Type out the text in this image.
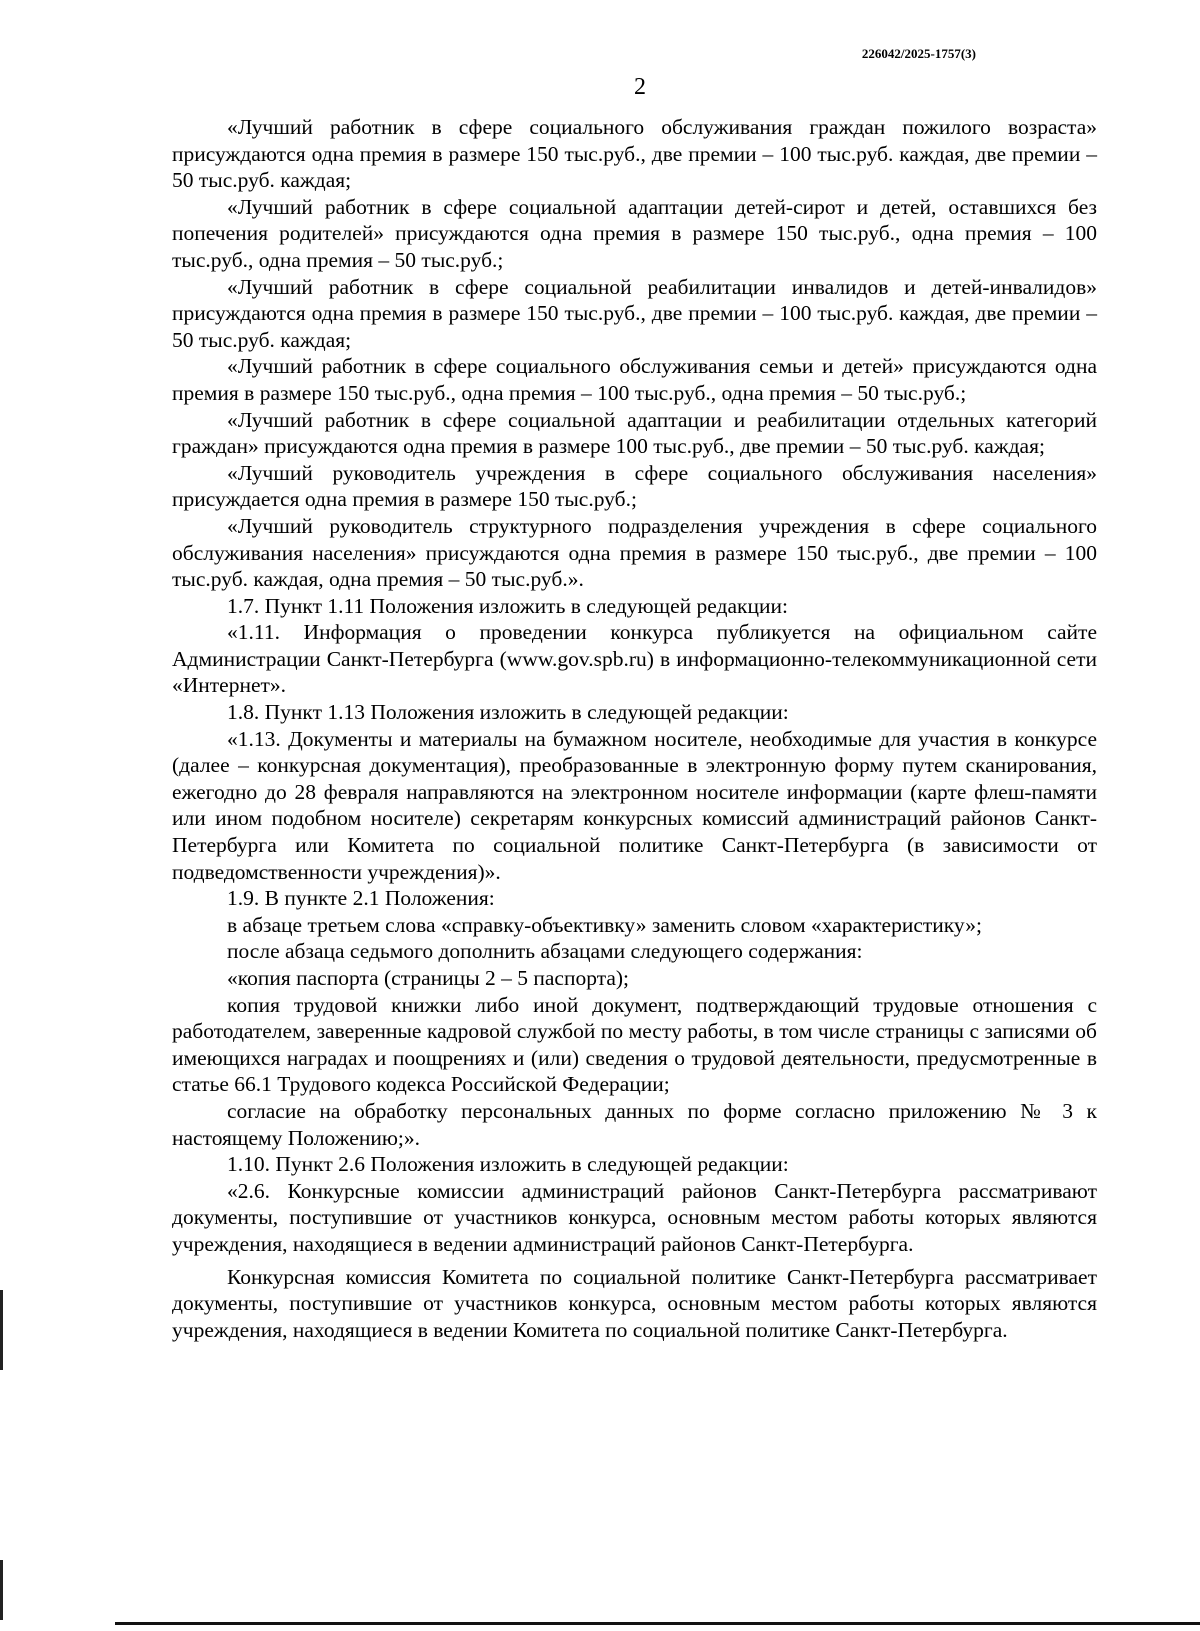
226042/2025-1757(3)
2

«Лучший работник в сфере социального обслуживания граждан пожилого возраста» присуждаются одна премия в размере 150 тыс.руб., две премии – 100 тыс.руб. каждая, две премии – 50 тыс.руб. каждая;

«Лучший работник в сфере социальной адаптации детей-сирот и детей, оставшихся без попечения родителей» присуждаются одна премия в размере 150 тыс.руб., одна премия – 100 тыс.руб., одна премия – 50 тыс.руб.;

«Лучший работник в сфере социальной реабилитации инвалидов и детей-инвалидов» присуждаются одна премия в размере 150 тыс.руб., две премии – 100 тыс.руб. каждая, две премии – 50 тыс.руб. каждая;

«Лучший работник в сфере социального обслуживания семьи и детей» присуждаются одна премия в размере 150 тыс.руб., одна премия – 100 тыс.руб., одна премия – 50 тыс.руб.;

«Лучший работник в сфере социальной адаптации и реабилитации отдельных категорий граждан» присуждаются одна премия в размере 100 тыс.руб., две премии – 50 тыс.руб. каждая;

«Лучший руководитель учреждения в сфере социального обслуживания населения» присуждается одна премия в размере 150 тыс.руб.;

«Лучший руководитель структурного подразделения учреждения в сфере социального обслуживания населения» присуждаются одна премия в размере 150 тыс.руб., две премии – 100 тыс.руб. каждая, одна премия – 50 тыс.руб.».

1.7. Пункт 1.11 Положения изложить в следующей редакции:

«1.11. Информация о проведении конкурса публикуется на официальном сайте Администрации Санкт-Петербурга (www.gov.spb.ru) в информационно-телекоммуникационной сети «Интернет».

1.8. Пункт 1.13 Положения изложить в следующей редакции:

«1.13. Документы и материалы на бумажном носителе, необходимые для участия в конкурсе (далее – конкурсная документация), преобразованные в электронную форму путем сканирования, ежегодно до 28 февраля направляются на электронном носителе информации (карте флеш-памяти или ином подобном носителе) секретарям конкурсных комиссий администраций районов Санкт-Петербурга или Комитета по социальной политике Санкт-Петербурга (в зависимости от подведомственности учреждения)».

1.9. В пункте 2.1 Положения:

в абзаце третьем слова «справку-объективку» заменить словом «характеристику»;

после абзаца седьмого дополнить абзацами следующего содержания:

«копия паспорта (страницы 2 – 5 паспорта);

копия трудовой книжки либо иной документ, подтверждающий трудовые отношения с работодателем, заверенные кадровой службой по месту работы, в том числе страницы с записями об имеющихся наградах и поощрениях и (или) сведения о трудовой деятельности, предусмотренные в статье 66.1 Трудового кодекса Российской Федерации;

согласие на обработку персональных данных по форме согласно приложению № 3 к настоящему Положению;».

1.10. Пункт 2.6 Положения изложить в следующей редакции:

«2.6. Конкурсные комиссии администраций районов Санкт-Петербурга рассматривают документы, поступившие от участников конкурса, основным местом работы которых являются учреждения, находящиеся в ведении администраций районов Санкт-Петербурга.

Конкурсная комиссия Комитета по социальной политике Санкт-Петербурга рассматривает документы, поступившие от участников конкурса, основным местом работы которых являются учреждения, находящиеся в ведении Комитета по социальной политике Санкт-Петербурга.
